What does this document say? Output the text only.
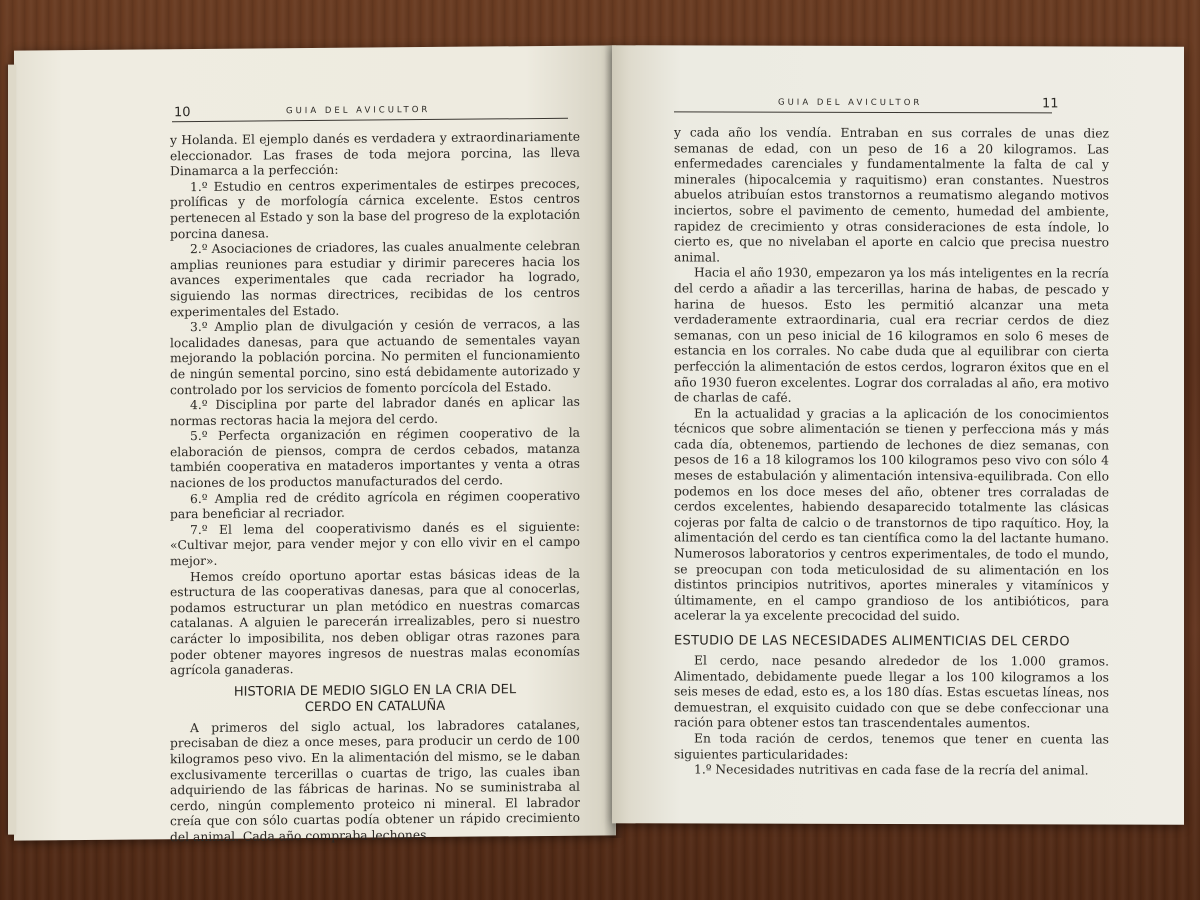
10	GUIA DEL AVICULTOR

y Holanda. El ejemplo danés es verdadera y extraordinariamente eleccionador. Las frases de toda mejora porcina, las lleva Dinamarca a la perfección:

1.º Estudio en centros experimentales de estirpes precoces, prolíficas y de morfología cárnica excelente. Estos centros pertenecen al Estado y son la base del progreso de la explotación porcina danesa.

2.º Asociaciones de criadores, las cuales anualmente celebran amplias reuniones para estudiar y dirimir pareceres hacia los avances experimentales que cada recriador ha logrado, siguiendo las normas directrices, recibidas de los centros experimentales del Estado.

3.º Amplio plan de divulgación y cesión de verracos, a las localidades danesas, para que actuando de sementales vayan mejorando la población porcina. No permiten el funcionamiento de ningún semental porcino, sino está debidamente autorizado y controlado por los servicios de fomento porcícola del Estado.

4.º Disciplina por parte del labrador danés en aplicar las normas rectoras hacia la mejora del cerdo.

5.º Perfecta organización en régimen cooperativo de la elaboración de piensos, compra de cerdos cebados, matanza también cooperativa en mataderos importantes y venta a otras naciones de los productos manufacturados del cerdo.

6.º Amplia red de crédito agrícola en régimen cooperativo para beneficiar al recriador.

7.º El lema del cooperativismo danés es el siguiente: «Cultivar mejor, para vender mejor y con ello vivir en el campo mejor».

Hemos creído oportuno aportar estas básicas ideas de la estructura de las cooperativas danesas, para que al conocerlas, podamos estructurar un plan metódico en nuestras comarcas catalanas. A alguien le parecerán irrealizables, pero si nuestro carácter lo imposibilita, nos deben obligar otras razones para poder obtener mayores ingresos de nuestras malas economías agrícola ganaderas.

HISTORIA DE MEDIO SIGLO EN LA CRIA DEL CERDO EN CATALUÑA

A primeros del siglo actual, los labradores catalanes, precisaban de diez a once meses, para producir un cerdo de 100 kilogramos peso vivo. En la alimentación del mismo, se le daban exclusivamente tercerillas o cuartas de trigo, las cuales iban adquiriendo de las fábricas de harinas. No se suministraba al cerdo, ningún complemento proteico ni mineral. El labrador creía que con sólo cuartas podía obtener un rápido crecimiento del animal. Cada año compraba lechones

GUIA DEL AVICULTOR	11

y cada año los vendía. Entraban en sus corrales de unas diez semanas de edad, con un peso de 16 a 20 kilogramos. Las enfermedades carenciales y fundamentalmente la falta de cal y minerales (hipocalcemia y raquitismo) eran constantes. Nuestros abuelos atribuían estos transtornos a reumatismo alegando motivos inciertos, sobre el pavimento de cemento, humedad del ambiente, rapidez de crecimiento y otras consideraciones de esta índole, lo cierto es, que no nivelaban el aporte en calcio que precisa nuestro animal.

Hacia el año 1930, empezaron ya los más inteligentes en la recría del cerdo a añadir a las tercerillas, harina de habas, de pescado y harina de huesos. Esto les permitió alcanzar una meta verdaderamente extraordinaria, cual era recriar cerdos de diez semanas, con un peso inicial de 16 kilogramos en solo 6 meses de estancia en los corrales. No cabe duda que al equilibrar con cierta perfección la alimentación de estos cerdos, lograron éxitos que en el año 1930 fueron excelentes. Lograr dos corraladas al año, era motivo de charlas de café.

En la actualidad y gracias a la aplicación de los conocimientos técnicos que sobre alimentación se tienen y perfecciona más y más cada día, obtenemos, partiendo de lechones de diez semanas, con pesos de 16 a 18 kilogramos los 100 kilogramos peso vivo con sólo 4 meses de estabulación y alimentación intensiva-equilibrada. Con ello podemos en los doce meses del año, obtener tres corraladas de cerdos excelentes, habiendo desaparecido totalmente las clásicas cojeras por falta de calcio o de transtornos de tipo raquítico. Hoy, la alimentación del cerdo es tan científica como la del lactante humano. Numerosos laboratorios y centros experimentales, de todo el mundo, se preocupan con toda meticulosidad de su alimentación en los distintos principios nutritivos, aportes minerales y vitamínicos y últimamente, en el campo grandioso de los antibióticos, para acelerar la ya excelente precocidad del suido.

ESTUDIO DE LAS NECESIDADES ALIMENTICIAS DEL CERDO

El cerdo, nace pesando alrededor de los 1.000 gramos. Alimentado, debidamente puede llegar a los 100 kilogramos a los seis meses de edad, esto es, a los 180 días. Estas escuetas líneas, nos demuestran, el exquisito cuidado con que se debe confeccionar una ración para obtener estos tan trascendentales aumentos.

En toda ración de cerdos, tenemos que tener en cuenta las siguientes particularidades:

1.º Necesidades nutritivas en cada fase de la recría del animal.
